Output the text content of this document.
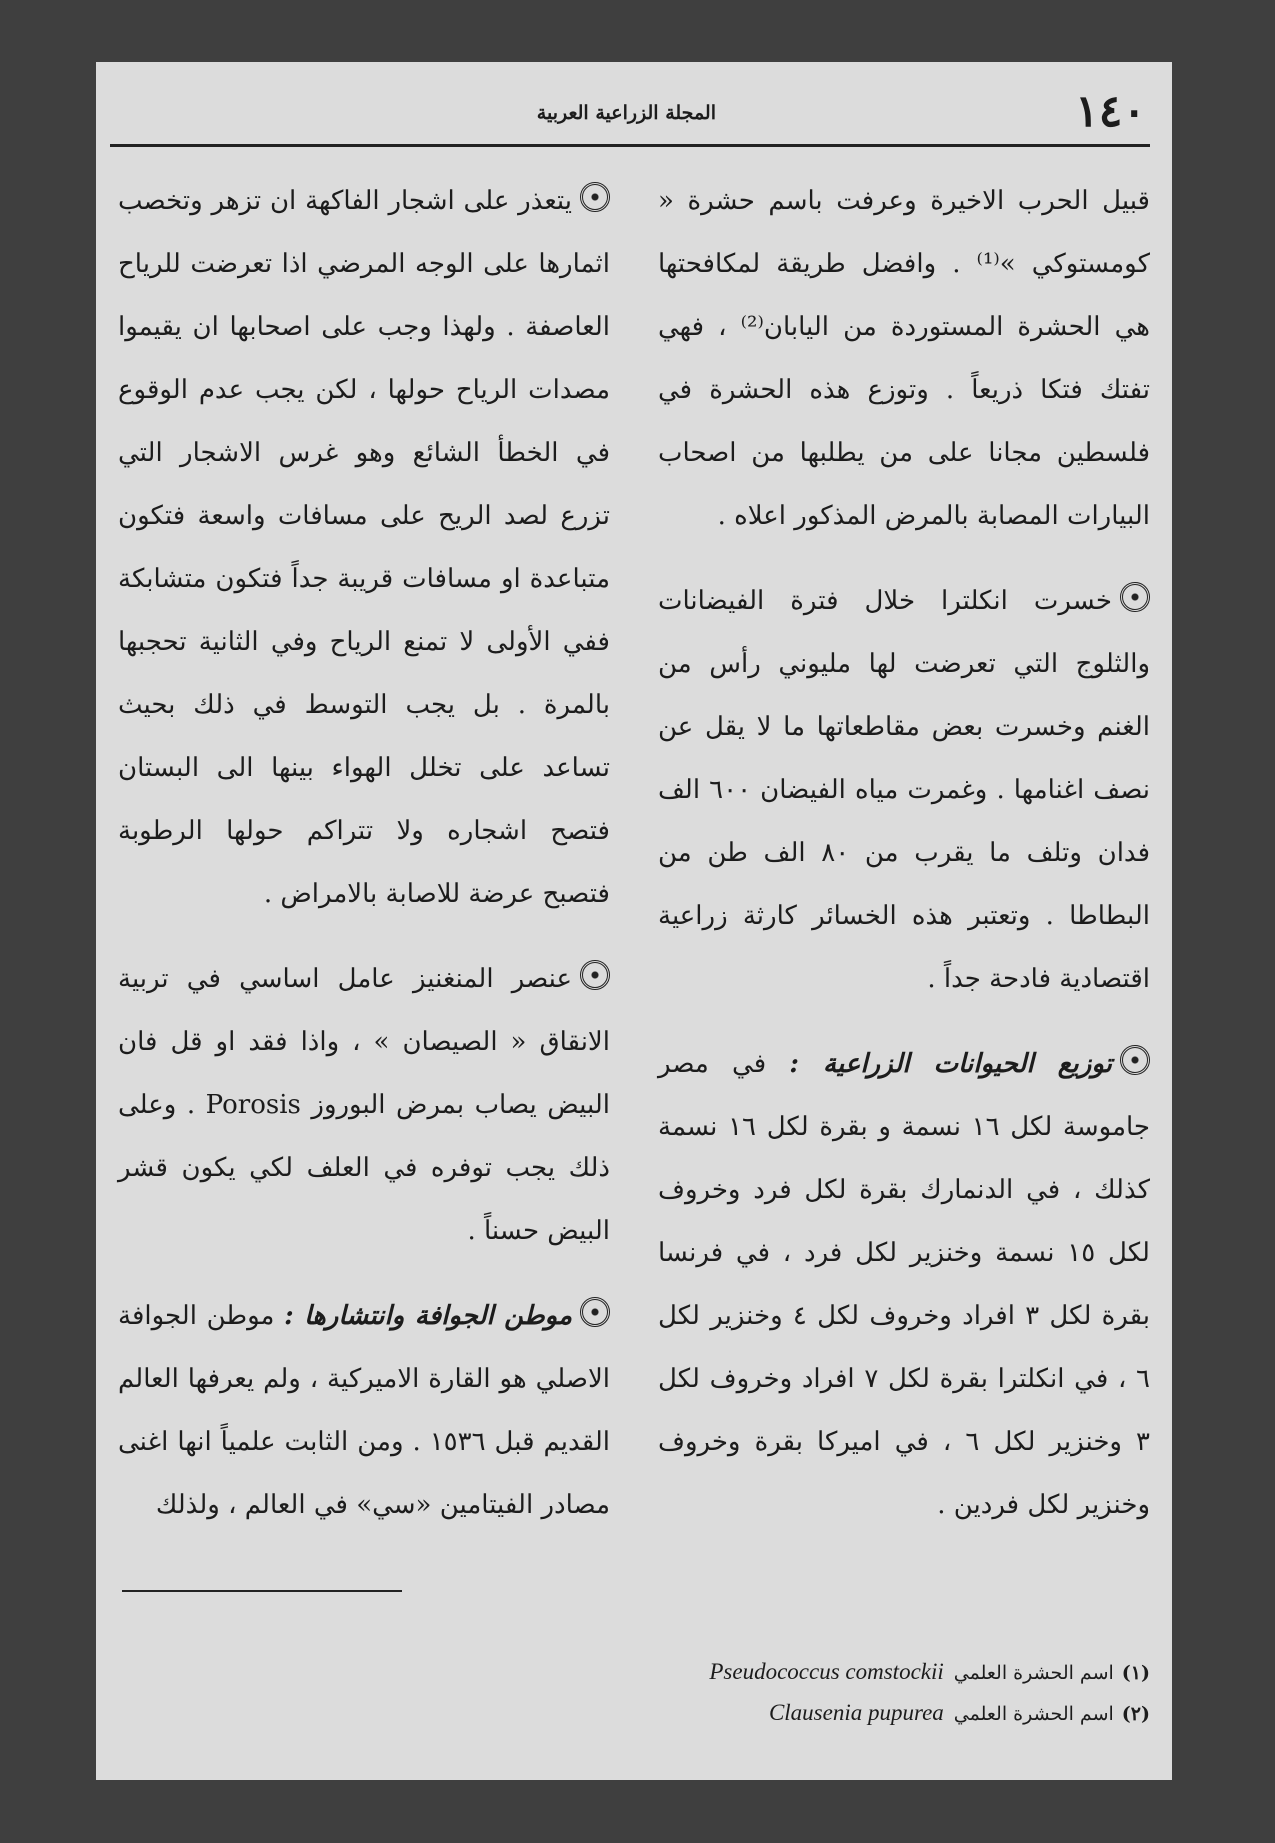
١٤٠
المجلة الزراعية العربية

قبيل الحرب الاخيرة وعرفت باسم حشرة « كومستوكي »⁽¹⁾ . وافضل طريقة لمكافحتها هي الحشرة المستوردة من اليابان⁽²⁾ ، فهي تفتك فتكا ذريعاً . وتوزع هذه الحشرة في فلسطين مجانا على من يطلبها من اصحاب البيارات المصابة بالمرض المذكور اعلاه .

خسرت انكلترا خلال فترة الفيضانات والثلوج التي تعرضت لها مليوني رأس من الغنم وخسرت بعض مقاطعاتها ما لا يقل عن نصف اغنامها . وغمرت مياه الفيضان ٦٠٠ الف فدان وتلف ما يقرب من ٨٠ الف طن من البطاطا . وتعتبر هذه الخسائر كارثة زراعية اقتصادية فادحة جداً .

توزيع الحيوانات الزراعية : في مصر جاموسة لكل ١٦ نسمة و بقرة لكل ١٦ نسمة كذلك ، في الدنمارك بقرة لكل فرد وخروف لكل ١٥ نسمة وخنزير لكل فرد ، في فرنسا بقرة لكل ٣ افراد وخروف لكل ٤ وخنزير لكل ٦ ، في انكلترا بقرة لكل ٧ افراد وخروف لكل ٣ وخنزير لكل ٦ ، في اميركا بقرة وخروف وخنزير لكل فردين .

يتعذر على اشجار الفاكهة ان تزهر وتخصب اثمارها على الوجه المرضي اذا تعرضت للرياح العاصفة . ولهذا وجب على اصحابها ان يقيموا مصدات الرياح حولها ، لكن يجب عدم الوقوع في الخطأ الشائع وهو غرس الاشجار التي تزرع لصد الريح على مسافات واسعة فتكون متباعدة او مسافات قريبة جداً فتكون متشابكة ففي الأولى لا تمنع الرياح وفي الثانية تحجبها بالمرة . بل يجب التوسط في ذلك بحيث تساعد على تخلل الهواء بينها الى البستان فتصح اشجاره ولا تتراكم حولها الرطوبة فتصبح عرضة للاصابة بالامراض .

عنصر المنغنيز عامل اساسي في تربية الانقاق « الصيصان » ، واذا فقد او قل فان البيض يصاب بمرض البوروز Porosis . وعلى ذلك يجب توفره في العلف لكي يكون قشر البيض حسناً .

موطن الجوافة وانتشارها : موطن الجوافة الاصلي هو القارة الاميركية ، ولم يعرفها العالم القديم قبل ١٥٣٦ . ومن الثابت علمياً انها اغنى مصادر الفيتامين «سي» في العالم ، ولذلك

(١)اسم الحشرة العلميPseudococcus comstockii
(٢)اسم الحشرة العلميClausenia pupurea
